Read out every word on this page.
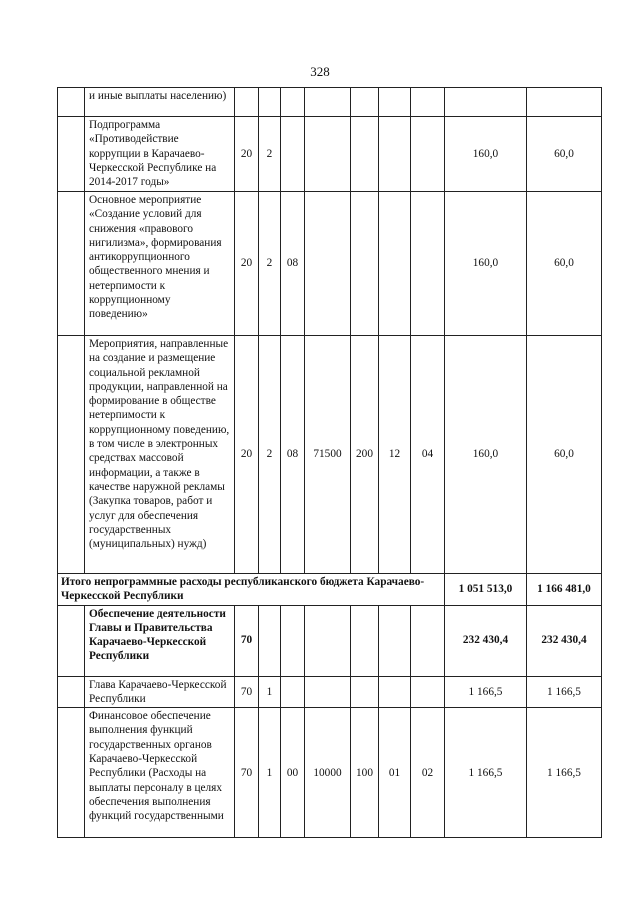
328
	и иные выплаты населению)									
	Подпрограмма «Противодействие коррупции в Карачаево-Черкесской Республике на 2014-2017 годы»	20	2						160,0	60,0
	Основное мероприятие «Создание условий для снижения «правового нигилизма», формирования антикоррупционного общественного мнения и нетерпимости к коррупционному поведению»	20	2	08					160,0	60,0
	Мероприятия, направленные на создание и размещение социальной рекламной продукции, направленной на формирование в обществе нетерпимости к коррупционному поведению, в том числе в электронных средствах массовой информации, а также в качестве наружной рекламы (Закупка товаров, работ и услуг для обеспечения государственных (муниципальных) нужд)	20	2	08	71500	200	12	04	160,0	60,0
Итого непрограммные расходы республиканского бюджета Карачаево-Черкесской Республики									1 051 513,0	1 166 481,0
	Обеспечение деятельности Главы и Правительства Карачаево-Черкесской Республики	70							232 430,4	232 430,4
	Глава Карачаево-Черкесской Республики	70	1						1 166,5	1 166,5
	Финансовое обеспечение выполнения функций государственных органов Карачаево-Черкесской Республики (Расходы на выплаты персоналу в целях обеспечения выполнения функций государственными	70	1	00	10000	100	01	02	1 166,5	1 166,5
